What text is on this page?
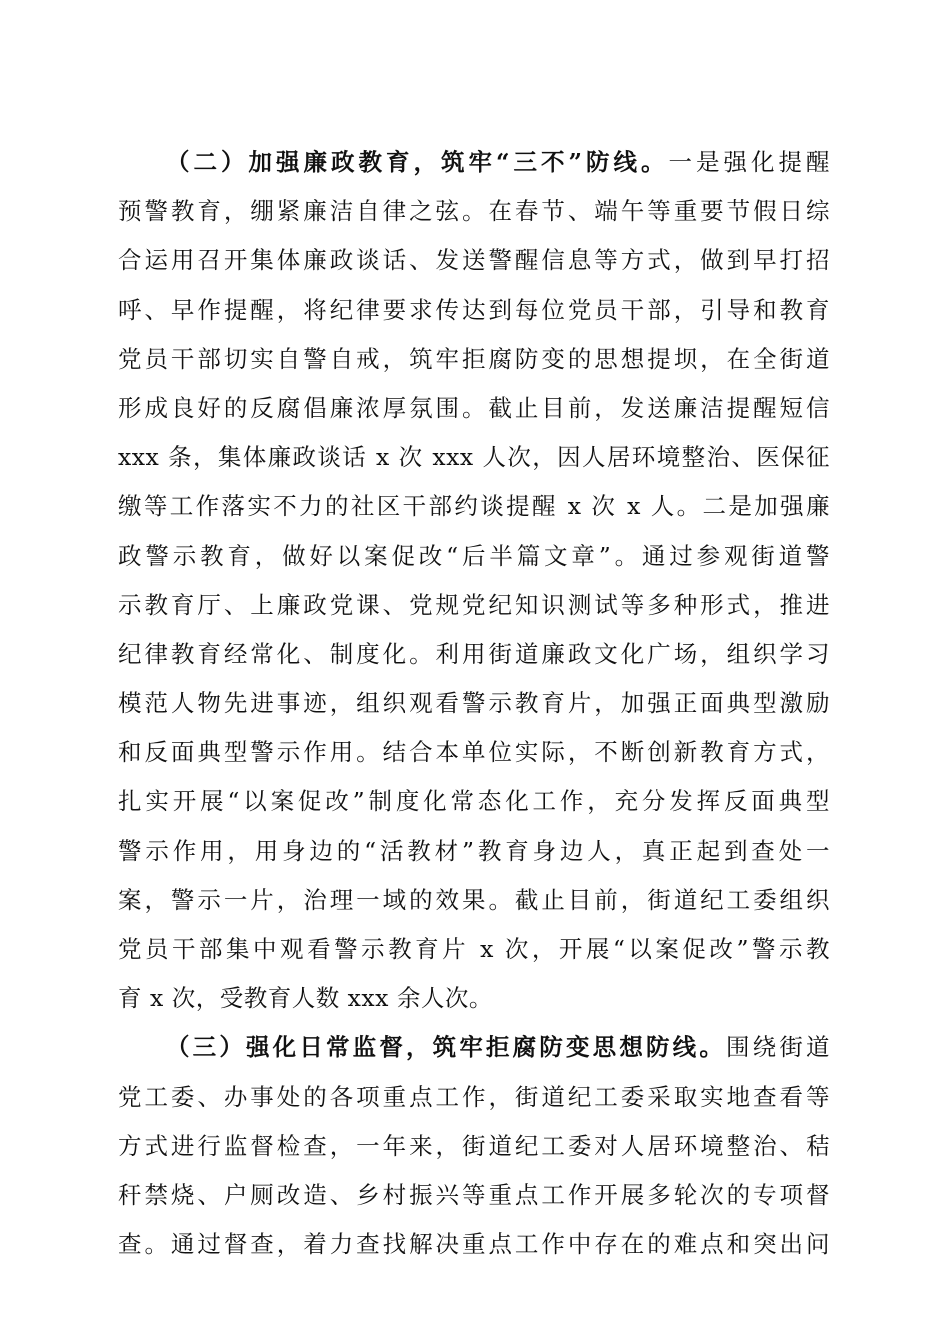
（二）加强廉政教育，筑牢“三不”防线。一是强化提醒
预警教育，绷紧廉洁自律之弦。在春节、端午等重要节假日综
合运用召开集体廉政谈话、发送警醒信息等方式，做到早打招
呼、早作提醒，将纪律要求传达到每位党员干部，引导和教育
党员干部切实自警自戒，筑牢拒腐防变的思想提坝，在全街道
形成良好的反腐倡廉浓厚氛围。截止目前，发送廉洁提醒短信
xxx 条，集体廉政谈话 x 次 xxx 人次，因人居环境整治、医保征
缴等工作落实不力的社区干部约谈提醒 x 次 x 人。二是加强廉
政警示教育，做好以案促改“后半篇文章”。通过参观街道警
示教育厅、上廉政党课、党规党纪知识测试等多种形式，推进
纪律教育经常化、制度化。利用街道廉政文化广场，组织学习
模范人物先进事迹，组织观看警示教育片，加强正面典型激励
和反面典型警示作用。结合本单位实际，不断创新教育方式，
扎实开展“以案促改”制度化常态化工作，充分发挥反面典型
警示作用，用身边的“活教材”教育身边人，真正起到查处一
案，警示一片，治理一域的效果。截止目前，街道纪工委组织
党员干部集中观看警示教育片 x 次，开展“以案促改”警示教
育 x 次，受教育人数 xxx 余人次。
（三）强化日常监督，筑牢拒腐防变思想防线。围绕街道
党工委、办事处的各项重点工作，街道纪工委采取实地查看等
方式进行监督检查，一年来，街道纪工委对人居环境整治、秸
秆禁烧、户厕改造、乡村振兴等重点工作开展多轮次的专项督
查。通过督查，着力查找解决重点工作中存在的难点和突出问
